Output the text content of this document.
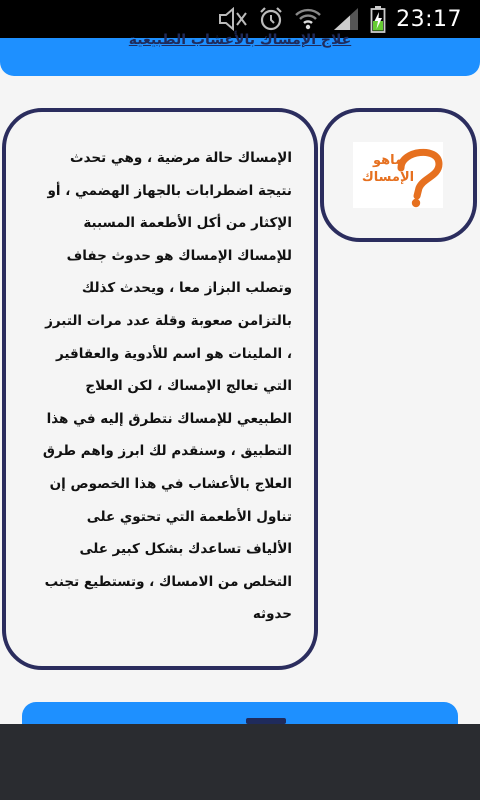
23:17
علاج الإمساك بالأعشاب الطبيعية
ماهو
الإمساك
الإمساك حالة مرضية ، وهي تحدث
نتيجة اضطرابات بالجهاز الهضمي ، أو
الإكثار من أكل الأطعمة المسببة
للإمساك الإمساك هو حدوث جفاف
وتصلب البزاز معا ، ويحدث كذلك
بالتزامن صعوبة وقلة عدد مرات التبرز
، الملينات هو اسم للأدوية والعقاقير
التي تعالج الإمساك ، لكن العلاج
الطبيعي للإمساك نتطرق إليه في هذا
التطبيق ، وسنقدم لك ابرز واهم طرق
العلاج بالأعشاب في هذا الخصوص إن
تناول الأطعمة التي تحتوي على
الألياف تساعدك بشكل كبير على
التخلص من الامساك ، وتستطيع تجنب
حدوثه
